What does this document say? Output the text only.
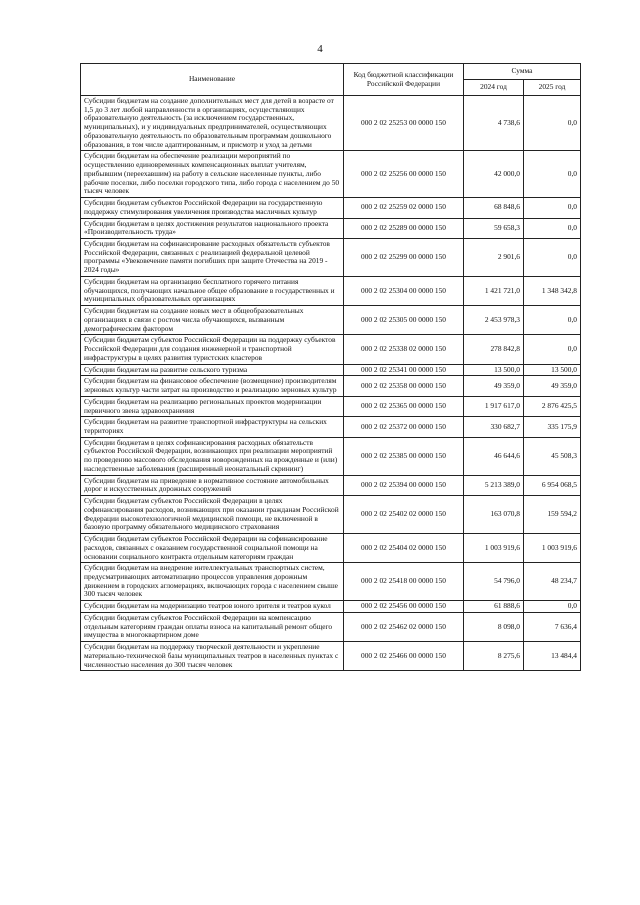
4
Наименование	Код бюджетной классификации Российской Федерации	Сумма	
		2024 год	2025 год
Субсидии бюджетам на создание дополнительных мест для детей в возрасте от 1,5 до 3 лет любой направленности в организациях, осуществляющих образовательную деятельность (за исключением государственных, муниципальных), и у индивидуальных предпринимателей, осуществляющих образовательную деятельность по образовательным программам дошкольного образования, в том числе адаптированным, и присмотр и уход за детьми	000 2 02 25253 00 0000 150	4 738,6	0,0
Субсидии бюджетам на обеспечение реализации мероприятий по осуществлению единовременных компенсационных выплат учителям, прибывшим (переехавшим) на работу в сельские населенные пункты, либо рабочие поселки, либо поселки городского типа, либо города с населением до 50 тысяч человек	000 2 02 25256 00 0000 150	42 000,0	0,0
Субсидии бюджетам субъектов Российской Федерации на государственную поддержку стимулирования увеличения производства масличных культур	000 2 02 25259 02 0000 150	68 848,6	0,0
Субсидии бюджетам в целях достижения результатов национального проекта «Производительность труда»	000 2 02 25289 00 0000 150	59 658,3	0,0
Субсидии бюджетам на софинансирование расходных обязательств субъектов Российской Федерации, связанных с реализацией федеральной целевой программы «Увековечение памяти погибших при защите Отечества на 2019 - 2024 годы»	000 2 02 25299 00 0000 150	2 901,6	0,0
Субсидии бюджетам на организацию бесплатного горячего питания обучающихся, получающих начальное общее образование в государственных и муниципальных образовательных организациях	000 2 02 25304 00 0000 150	1 421 721,0	1 348 342,8
Субсидии бюджетам на создание новых мест в общеобразовательных организациях в связи с ростом числа обучающихся, вызванным демографическим фактором	000 2 02 25305 00 0000 150	2 453 978,3	0,0
Субсидии бюджетам субъектов Российской Федерации на поддержку субъектов Российской Федерации для создания инженерной и транспортной инфраструктуры в целях развития туристских кластеров	000 2 02 25338 02 0000 150	278 842,8	0,0
Субсидии бюджетам на развитие сельского туризма	000 2 02 25341 00 0000 150	13 500,0	13 500,0
Субсидии бюджетам на финансовое обеспечение (возмещение) производителям зерновых культур части затрат на производство и реализацию зерновых культур	000 2 02 25358 00 0000 150	49 359,0	49 359,0
Субсидии бюджетам на реализацию региональных проектов модернизации первичного звена здравоохранения	000 2 02 25365 00 0000 150	1 917 617,0	2 876 425,5
Субсидии бюджетам на развитие транспортной инфраструктуры на сельских территориях	000 2 02 25372 00 0000 150	330 682,7	335 175,9
Субсидии бюджетам в целях софинансирования расходных обязательств субъектов Российской Федерации, возникающих при реализации мероприятий по проведению массового обследования новорожденных на врожденные и (или) наследственные заболевания (расширенный неонатальный скрининг)	000 2 02 25385 00 0000 150	46 644,6	45 508,3
Субсидии бюджетам на приведение в нормативное состояние автомобильных дорог и искусственных дорожных сооружений	000 2 02 25394 00 0000 150	5 213 389,0	6 954 068,5
Субсидии бюджетам субъектов Российской Федерации в целях софинансирования расходов, возникающих при оказании гражданам Российской Федерации высокотехнологичной медицинской помощи, не включенной в базовую программу обязательного медицинского страхования	000 2 02 25402 02 0000 150	163 070,8	159 594,2
Субсидии бюджетам субъектов Российской Федерации на софинансирование расходов, связанных с оказанием государственной социальной помощи на основании социального контракта отдельным категориям граждан	000 2 02 25404 02 0000 150	1 003 919,6	1 003 919,6
Субсидии бюджетам на внедрение интеллектуальных транспортных систем, предусматривающих автоматизацию процессов управления дорожным движением в городских агломерациях, включающих города с населением свыше 300 тысяч человек	000 2 02 25418 00 0000 150	54 796,0	48 234,7
Субсидии бюджетам на модернизацию театров юного зрителя и театров кукол	000 2 02 25456 00 0000 150	61 888,6	0,0
Субсидии бюджетам субъектов Российской Федерации на компенсацию отдельным категориям граждан оплаты взноса на капитальный ремонт общего имущества в многоквартирном доме	000 2 02 25462 02 0000 150	8 098,0	7 636,4
Субсидии бюджетам на поддержку творческой деятельности и укрепление материально-технической базы муниципальных театров в населенных пунктах с численностью населения до 300 тысяч человек	000 2 02 25466 00 0000 150	8 275,6	13 484,4
